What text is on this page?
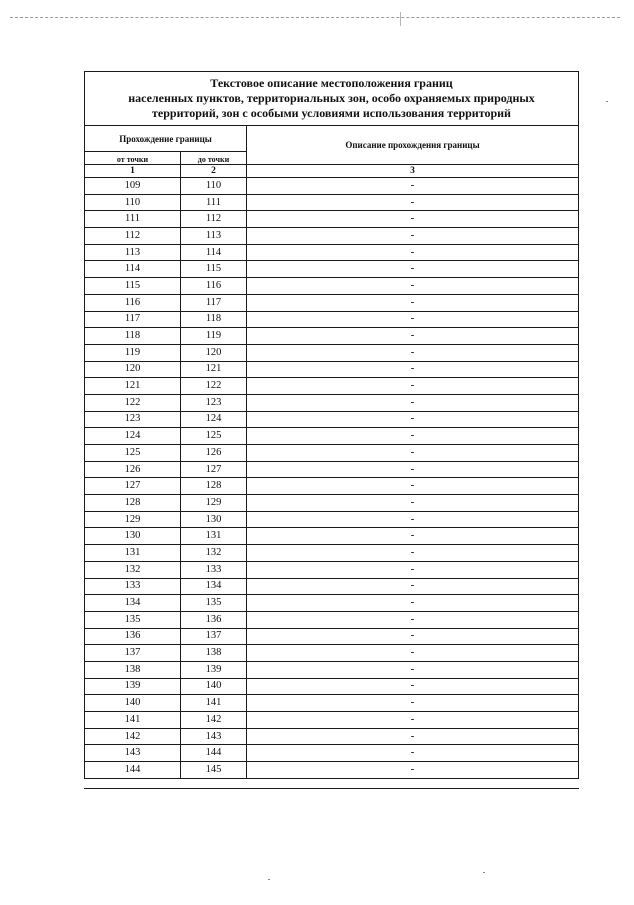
Текстовое описание местоположения границ
населенных пунктов, территориальных зон, особо охраняемых природных
территорий, зон с особыми условиями использования территорий		

Прохождение границы		Описание прохождения границы
от точки	до точки	
1	2	3
109	110	-
110	111	-
111	112	-
112	113	-
113	114	-
114	115	-
115	116	-
116	117	-
117	118	-
118	119	-
119	120	-
120	121	-
121	122	-
122	123	-
123	124	-
124	125	-
125	126	-
126	127	-
127	128	-
128	129	-
129	130	-
130	131	-
131	132	-
132	133	-
133	134	-
134	135	-
135	136	-
136	137	-
137	138	-
138	139	-
139	140	-
140	141	-
141	142	-
142	143	-
143	144	-
144	145	-
